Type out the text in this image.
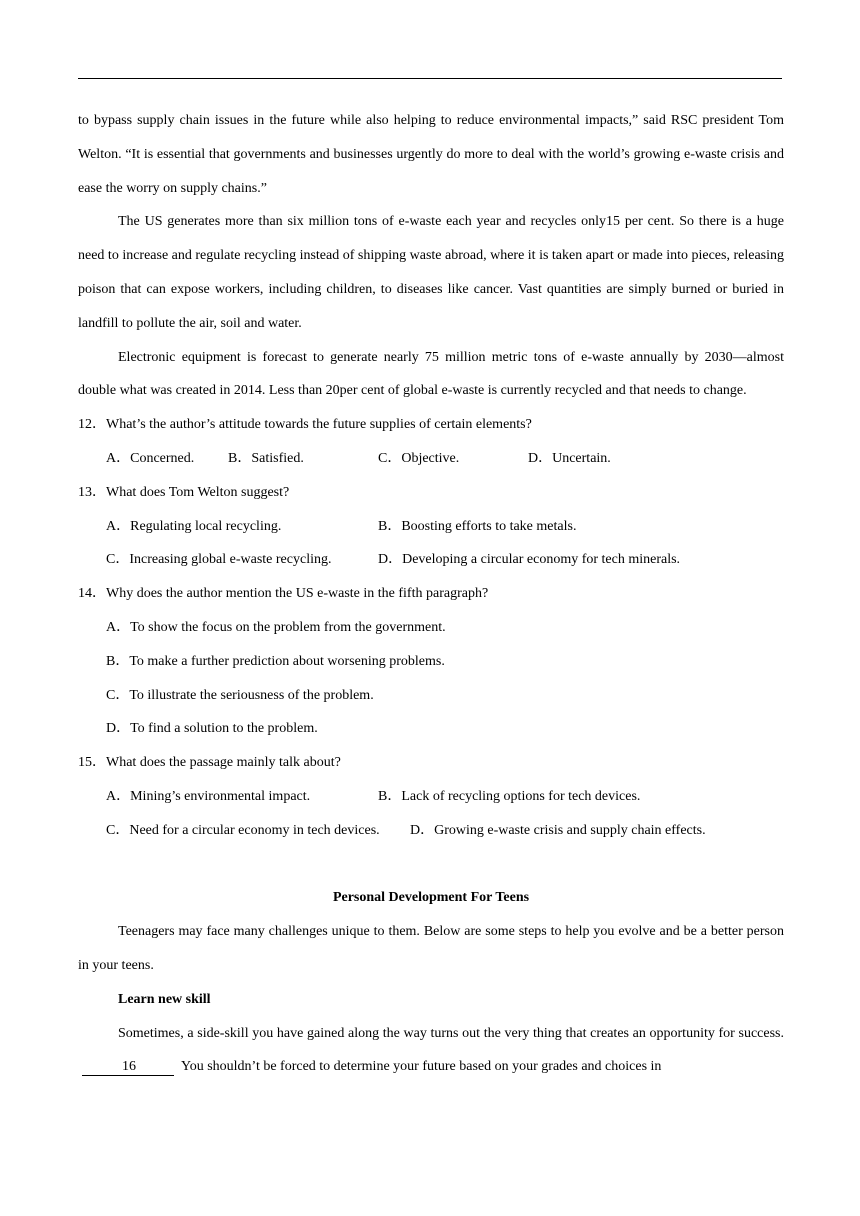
to bypass supply chain issues in the future while also helping to reduce environmental impacts,” said RSC president Tom Welton. “It is essential that governments and businesses urgently do more to deal with the world’s growing e-waste crisis and ease the worry on supply chains.”

The US generates more than six million tons of e-waste each year and recycles only15 per cent. So there is a huge need to increase and regulate recycling instead of shipping waste abroad, where it is taken apart or made into pieces, releasing poison that can expose workers, including children, to diseases like cancer. Vast quantities are simply burned or buried in landfill to pollute the air, soil and water.

Electronic equipment is forecast to generate nearly 75 million metric tons of e-waste annually by 2030—almost double what was created in 2014. Less than 20per cent of global e-waste is currently recycled and that needs to change.

12．What’s the author’s attitude towards the future supplies of certain elements?

A．Concerned. B．Satisfied.	C．Objective.	D．Uncertain.

13．What does Tom Welton suggest?

A．Regulating local recycling.	B．Boosting efforts to take metals.
C．Increasing global e-waste recycling.	D．Developing a circular economy for tech minerals.

14．Why does the author mention the US e-waste in the fifth paragraph?

A．To show the focus on the problem from the government.

B．To make a further prediction about worsening problems.

C．To illustrate the seriousness of the problem.

D．To find a solution to the problem.

15．What does the passage mainly talk about?

A．Mining’s environmental impact.	B．Lack of recycling options for tech devices.
C．Need for a circular economy in tech devices. D．Growing e-waste crisis and supply chain effects.

Personal Development For Teens

Teenagers may face many challenges unique to them. Below are some steps to help you evolve and be a better person in your teens.

Learn new skill

Sometimes, a side-skill you have gained along the way turns out the very thing that creates an opportunity for success. 16	You shouldn’t be forced to determine your future based on your grades and choices in
